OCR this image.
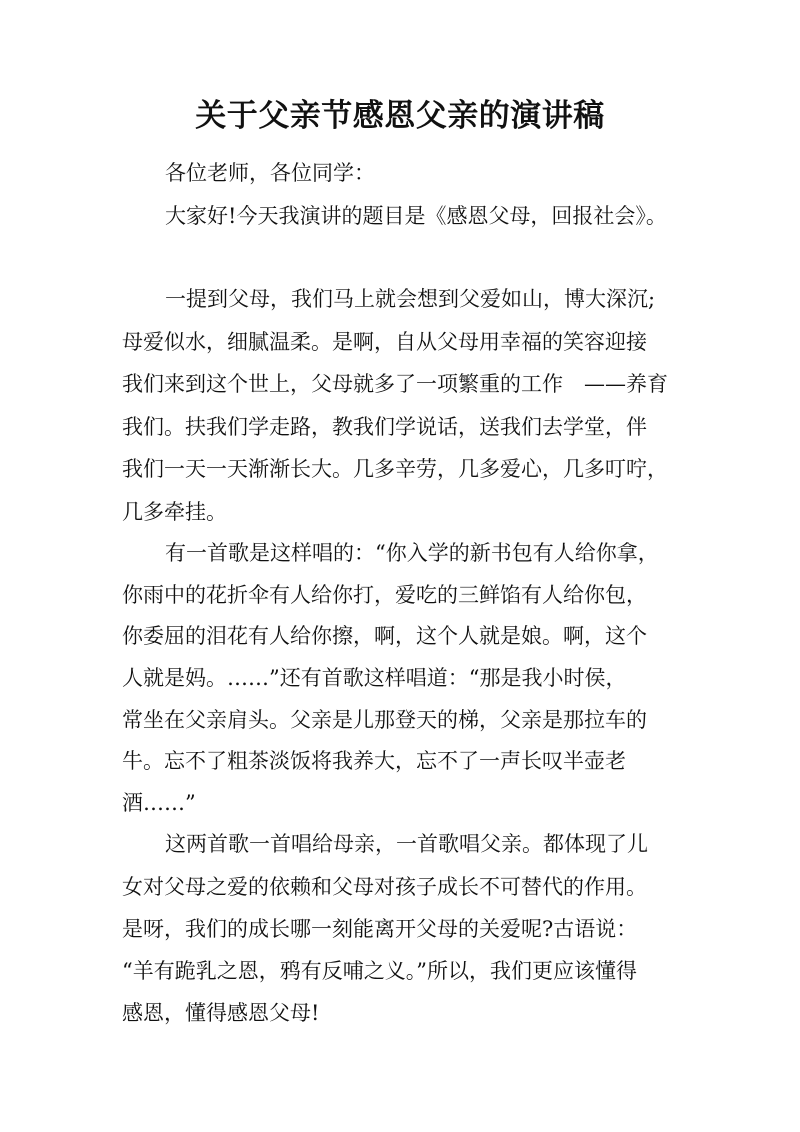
关于父亲节感恩父亲的演讲稿
各位老师，各位同学：
大家好!今天我演讲的题目是《感恩父母，回报社会》。
一提到父母，我们马上就会想到父爱如山，博大深沉;
母爱似水，细腻温柔。是啊，自从父母用幸福的笑容迎接
我们来到这个世上，父母就多了一项繁重的工作　——养育
我们。扶我们学走路，教我们学说话，送我们去学堂，伴
我们一天一天渐渐长大。几多辛劳，几多爱心，几多叮咛，
几多牵挂。
有一首歌是这样唱的：“你入学的新书包有人给你拿，
你雨中的花折伞有人给你打，爱吃的三鲜馅有人给你包，
你委屈的泪花有人给你擦，啊，这个人就是娘。啊，这个
人就是妈。……”还有首歌这样唱道：“那是我小时侯，
常坐在父亲肩头。父亲是儿那登天的梯，父亲是那拉车的
牛。忘不了粗茶淡饭将我养大，忘不了一声长叹半壶老
酒……”
这两首歌一首唱给母亲，一首歌唱父亲。都体现了儿
女对父母之爱的依赖和父母对孩子成长不可替代的作用。
是呀，我们的成长哪一刻能离开父母的关爱呢?古语说：
“羊有跪乳之恩，鸦有反哺之义。”所以，我们更应该懂得
感恩，懂得感恩父母!
